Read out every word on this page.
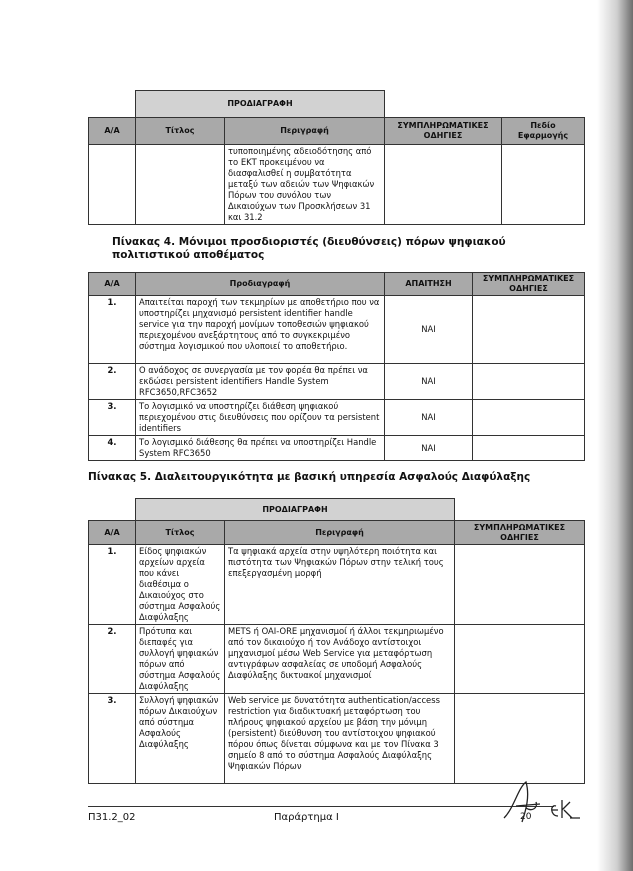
	ΠΡΟΔΙΑΓΡΑΦΗ			
Α/Α	Τίτλος	Περιγραφή	ΣΥΜΠΛΗΡΩΜΑΤΙΚΕΣ ΟΔΗΓΙΕΣ	Πεδίο Εφαρμογής
		τυποποιημένης αδειοδότησης από το ΕΚΤ προκειμένου να διασφαλισθεί η συμβατότητα μεταξύ των αδειών των Ψηφιακών Πόρων του συνόλου των Δικαιούχων των Προσκλήσεων 31 και 31.2		
Πίνακας 4. Μόνιμοι προσδιοριστές (διευθύνσεις) πόρων ψηφιακού πολιτιστικού αποθέματος
Α/Α	Προδιαγραφή	ΑΠΑΙΤΗΣΗ	ΣΥΜΠΛΗΡΩΜΑΤΙΚΕΣ ΟΔΗΓΙΕΣ
1.	Απαιτείται παροχή των τεκμηρίων με αποθετήριο που να υποστηρίζει μηχανισμό persistent identifier handle service για την παροχή μονίμων τοποθεσιών ψηφιακού περιεχομένου ανεξάρτητους από το συγκεκριμένο σύστημα λογισμικού που υλοποιεί το αποθετήριο.	ΝΑΙ	
2.	Ο ανάδοχος σε συνεργασία με τον φορέα θα πρέπει να εκδώσει persistent identifiers Handle System RFC3650,RFC3652	ΝΑΙ	
3.	Το λογισμικό να υποστηρίζει διάθεση ψηφιακού περιεχομένου στις διευθύνσεις που ορίζουν τα persistent identifiers	ΝΑΙ	
4.	Το λογισμικό διάθεσης θα πρέπει να υποστηρίζει Handle System RFC3650	ΝΑΙ	
Πίνακας 5. Διαλειτουργικότητα με βασική υπηρεσία Ασφαλούς Διαφύλαξης
	ΠΡΟΔΙΑΓΡΑΦΗ		
Α/Α	Τίτλος	Περιγραφή	ΣΥΜΠΛΗΡΩΜΑΤΙΚΕΣ ΟΔΗΓΙΕΣ
1.	Είδος ψηφιακών αρχείων αρχεία που κάνει διαθέσιμα ο Δικαιούχος στο σύστημα Ασφαλούς Διαφύλαξης	Τα ψηφιακά αρχεία στην υψηλότερη ποιότητα και πιστότητα των Ψηφιακών Πόρων στην τελική τους επεξεργασμένη μορφή	
2.	Πρότυπα και διεπαφές για συλλογή ψηφιακών πόρων από σύστημα Ασφαλούς Διαφύλαξης	METS ή OAI-ORE μηχανισμοί ή άλλοι τεκμηριωμένο από τον δικαιούχο ή τον Ανάδοχο αντίστοιχοι μηχανισμοί μέσω Web Service για μεταφόρτωση αντιγράφων ασφαλείας σε υποδομή Ασφαλούς Διαφύλαξης δικτυακοί μηχανισμοί	
3.	Συλλογή ψηφιακών πόρων Δικαιούχων από σύστημα Ασφαλούς Διαφύλαξης	Web service με δυνατότητα authentication/access restriction για διαδικτυακή μεταφόρτωση του πλήρους ψηφιακού αρχείου με βάση την μόνιμη (persistent) διεύθυνση του αντίστοιχου ψηφιακού πόρου όπως δίνεται σύμφωνα και με τον Πίνακα 3 σημείο 8 από το σύστημα Ασφαλούς Διαφύλαξης Ψηφιακών Πόρων	
Π31.2_02	Παράρτημα Ι	20
